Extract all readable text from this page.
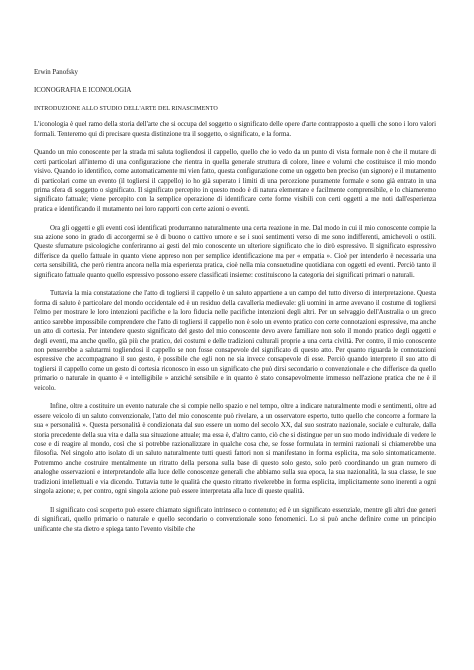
Erwin Panofsky
ICONOGRAFIA E ICONOLOGIA
INTRODUZIONE ALLO STUDIO DELL'ARTE DEL RINASCIMENTO

L'iconologia è quel ramo della storia dell'arte che si occupa del soggetto o significato delle opere d'arte contrapposto a quelli che sono i loro valori formali. Tenteremo qui di precisare questa distinzione tra il soggetto, o significato, e la forma.

Quando un mio conoscente per la strada mi saluta togliendosi il cappello, quello che io vedo da un punto di vista formale non è che il mutare di certi particolari all'interno di una configurazione che rientra in quella generale struttura di colore, linee e volumi che costituisce il mio mondo visivo. Quando io identifico, come automaticamente mi vien fatto, questa configurazione come un oggetto ben preciso (un signore) e il mutamento di particolari come un evento (il togliersi il cappello) io ho già superato i limiti di una percezione puramente formale e sono già entrato in una prima sfera di soggetto o significato. Il significato percepito in questo modo è di natura elementare e facilmente comprensibile, e lo chiameremo significato fattuale; viene percepito con la semplice operazione di identificare certe forme visibili con certi oggetti a me noti dall'esperienza pratica e identificando il mutamento nei loro rapporti con certe azioni o eventi.

Ora gli oggetti e gli eventi così identificati produrranno naturalmente una certa reazione in me. Dal modo in cui il mio conoscente compie la sua azione sono in grado di accorgermi se è di buono o cattivo umore e se i suoi sentimenti verso di me sono indifferenti, amichevoli o ostili. Queste sfumature psicologiche conferiranno ai gesti del mio conoscente un ulteriore significato che io dirò espressivo. Il significato espressivo differisce da quello fattuale in quanto viene appreso non per semplice identificazione ma per « empatia ». Cioè per intenderlo è necessaria una certa sensibilità, che però rientra ancora nella mia esperienza pratica, cioè nella mia consuetudine quotidiana con oggetti ed eventi. Perciò tanto il significato fattuale quanto quello espressivo possono essere classificati insieme: costituiscono la categoria dei significati primari o naturali.

Tuttavia la mia constatazione che l'atto di togliersi il cappello è un saluto appartiene a un campo del tutto diverso di interpretazione. Questa forma di saluto è particolare del mondo occidentale ed è un residuo della cavalleria medievale: gli uomini in arme avevano il costume di togliersi l'elmo per mostrare le loro intenzioni pacifiche e la loro fiducia nelle pacifiche intenzioni degli altri. Per un selvaggio dell'Australia o un greco antico sarebbe impossibile comprendere che l'atto di togliersi il cappello non è solo un evento pratico con certe connotazioni espressive, ma anche un atto di cortesia. Per intendere questo significato del gesto del mio conoscente devo avere familiare non solo il mondo pratico degli oggetti e degli eventi, ma anche quello, già più che pratico, dei costumi e delle tradizioni culturali proprie a una certa civiltà. Per contro, il mio conoscente non penserebbe a salutarmi togliendosi il cappello se non fosse consapevole del significato di questo atto. Per quanto riguarda le connotazioni espressive che accompagnano il suo gesto, è possibile che egli non ne sia invece consapevole di esse. Perciò quando interpreto il suo atto di togliersi il cappello come un gesto di cortesia riconosco in esso un significato che può dirsi secondario o convenzionale e che differisce da quello primario o naturale in quanto è « intelligibile » anziché sensibile e in quanto è stato consapevolmente immesso nell'azione pratica che ne è il veicolo.

Infine, oltre a costituire un evento naturale che si compie nello spazio e nel tempo, oltre a indicare naturalmente modi e sentimenti, oltre ad essere veicolo di un saluto convenzionale, l'atto del mio conoscente può rivelare, a un osservatore esperto, tutto quello che concorre a formare la sua « personalità ». Questa personalità è condizionata dal suo essere un uomo del secolo XX, dal suo sostrato nazionale, sociale e culturale, dalla storia precedente della sua vita e dalla sua situazione attuale; ma essa è, d'altro canto, ciò che si distingue per un suo modo individuale di vedere le cose e di reagire al mondo, così che si potrebbe razionalizzare in qualche cosa che, se fosse formulata in termini razionali si chiamerebbe una filosofia. Nel singolo atto isolato di un saluto naturalmente tutti questi fattori non si manifestano in forma esplicita, ma solo sintomaticamente. Potremmo anche costruire mentalmente un ritratto della persona sulla base di questo solo gesto, solo però coordinando un gran numero di analoghe osservazioni e interpretandole alla luce delle conoscenze generali che abbiamo sulla sua epoca, la sua nazionalità, la sua classe, le sue tradizioni intellettuali e via dicendo. Tuttavia tutte le qualità che questo ritratto rivelerebbe in forma esplicita, implicitamente sono inerenti a ogni singola azione; e, per contro, ogni singola azione può essere interpretata alla luce di queste qualità.

Il significato così scoperto può essere chiamato significato intrinseco o contenuto; ed è un significato essenziale, mentre gli altri due generi di significati, quello primario o naturale e quello secondario o convenzionale sono fenomenici. Lo si può anche definire come un principio unificante che sta dietro e spiega tanto l'evento visibile che
